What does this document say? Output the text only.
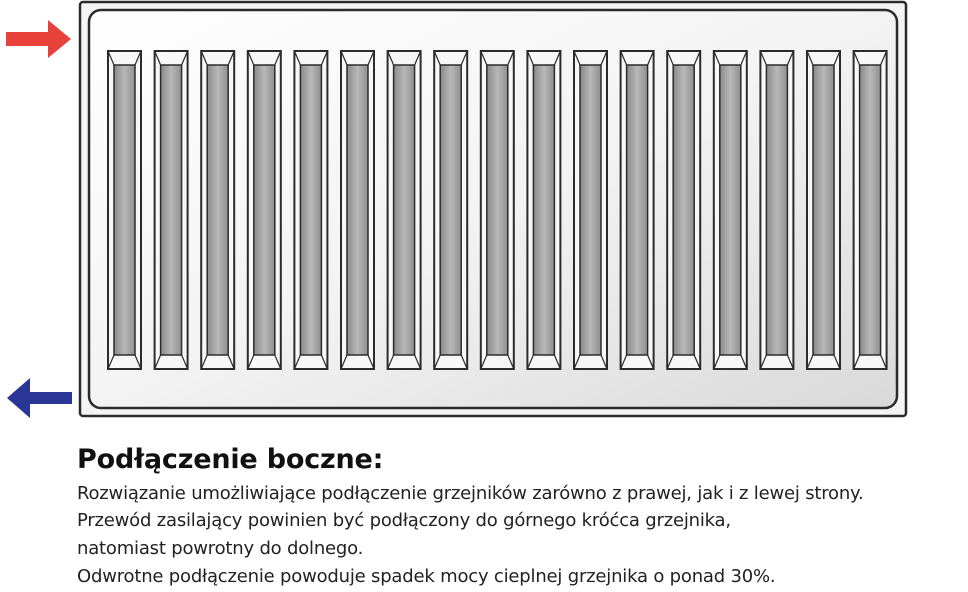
Podłączenie boczne:
Rozwiązanie umożliwiające podłączenie grzejników zarówno z prawej, jak i z lewej strony.
Przewód zasilający powinien być podłączony do górnego króćca grzejnika,
natomiast powrotny do dolnego.
Odwrotne podłączenie powoduje spadek mocy cieplnej grzejnika o ponad 30%.
